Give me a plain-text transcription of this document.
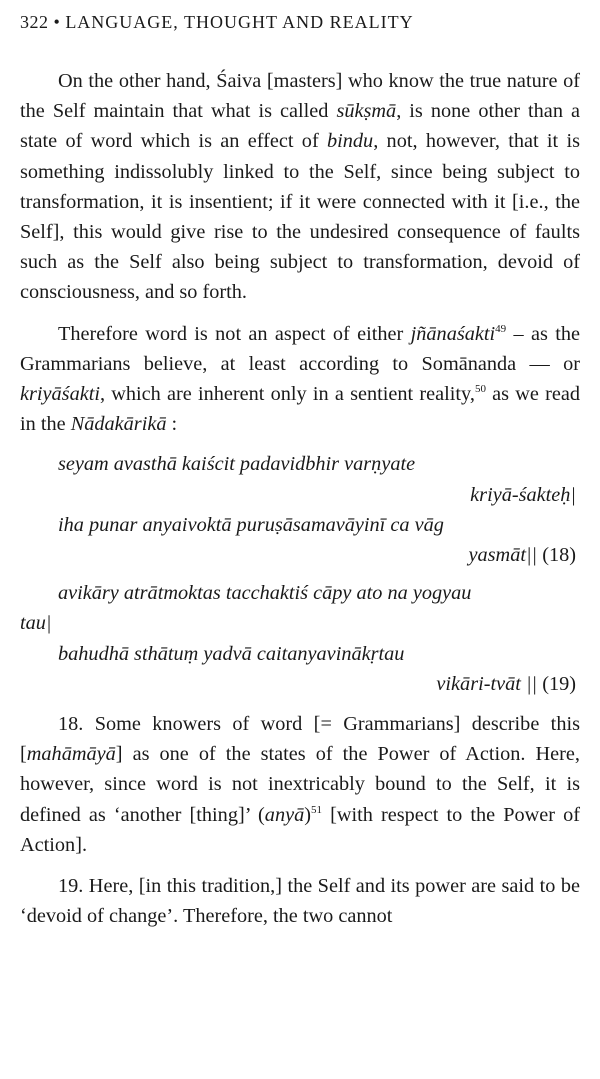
322 • LANGUAGE, THOUGHT AND REALITY

On the other hand, Śaiva [masters] who know the true nature of the Self maintain that what is called sūkṣmā, is none other than a state of word which is an effect of bindu, not, however, that it is something indissolubly linked to the Self, since being subject to transformation, it is insentient; if it were connected with it [i.e., the Self], this would give rise to the undesired consequence of faults such as the Self also being subject to transformation, devoid of consciousness, and so forth.

Therefore word is not an aspect of either jñānaśakti$^{49}$ – as the Grammarians believe, at least according to Somānanda — or kriyāśakti, which are inherent only in a sentient reality,$^{50}$ as we read in the Nādakārikā :

seyam avasthā kaiścit padavidbhir varṇyate
kriyā-śakteḥ|
iha punar anyaivoktā puruṣāsamavāyinī ca vāg
yasmāt|| (18)
avikāry atrātmoktas tacchaktiś cāpy ato na yogyau
tau|
bahudhā sthātuṃ yadvā caitanyavinākṛtau
vikāri-tvāt || (19)

18. Some knowers of word [= Grammarians] describe this [mahāmāyā] as one of the states of the Power of Action. Here, however, since word is not inextricably bound to the Self, it is defined as ‘another [thing]’ (anyā)$^{51}$ [with respect to the Power of Action].

19. Here, [in this tradition,] the Self and its power are said to be ‘devoid of change’. Therefore, the two cannot
